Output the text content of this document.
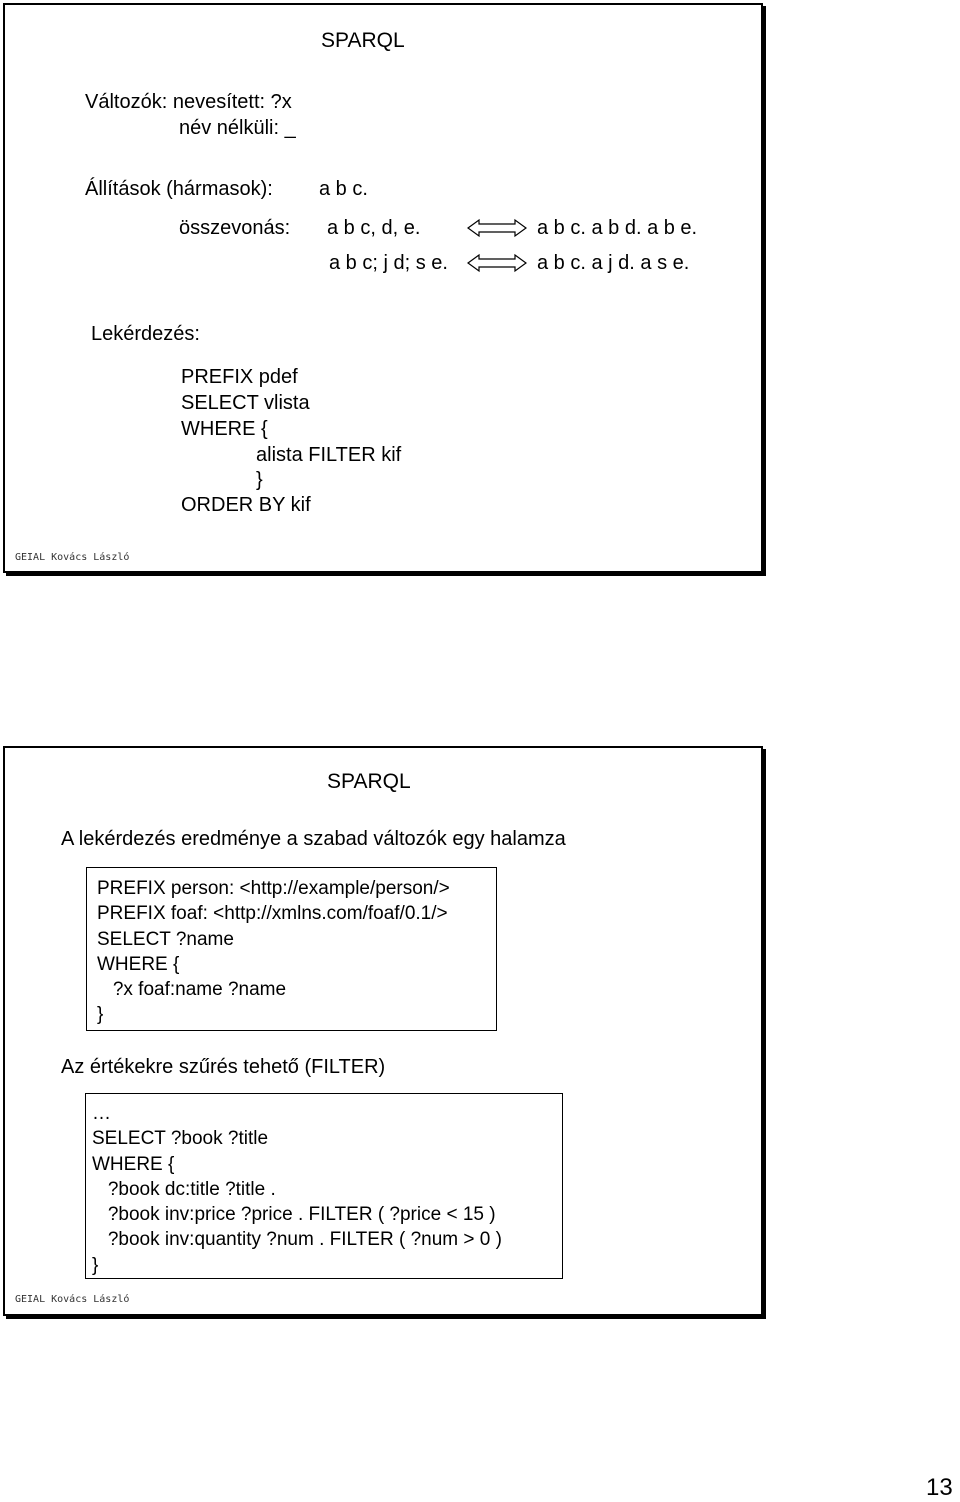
SPARQL
Változók: nevesített: ?x
név nélküli: _
Állítások (hármasok): a b c.
összevonás: a b c, d, e.	a b c. a b d. a b e.
a b c; j d; s e.	a b c. a j d. a s e.
Lekérdezés:
PREFIX pdef
SELECT vlista
WHERE {
alista FILTER kif
}
ORDER BY kif
GEIAL Kovács László
SPARQL
A lekérdezés eredménye a szabad változók egy halamza
PREFIX person: <http://example/person/>
PREFIX foaf: <http://xmlns.com/foaf/0.1/>
SELECT ?name
WHERE {
?x foaf:name ?name
}
Az értékekre szűrés tehető (FILTER)
…
SELECT ?book ?title
WHERE {
?book dc:title ?title .
?book inv:price ?price . FILTER ( ?price < 15 )
?book inv:quantity ?num . FILTER ( ?num > 0 )
}
GEIAL Kovács László
13
